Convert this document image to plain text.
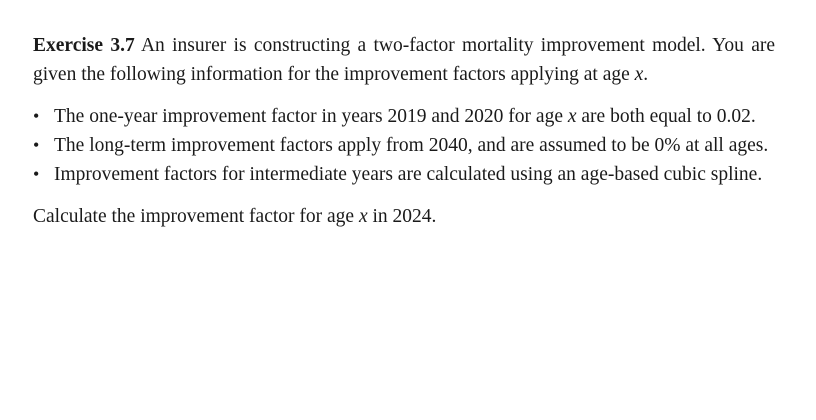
Exercise 3.7 An insurer is constructing a two-factor mortality improvement model. You are given the following information for the improvement factors applying at age x.

• The one-year improvement factor in years 2019 and 2020 for age x are both equal to 0.02.
• The long-term improvement factors apply from 2040, and are assumed to be 0% at all ages.
• Improvement factors for intermediate years are calculated using an age-based cubic spline.

Calculate the improvement factor for age x in 2024.
